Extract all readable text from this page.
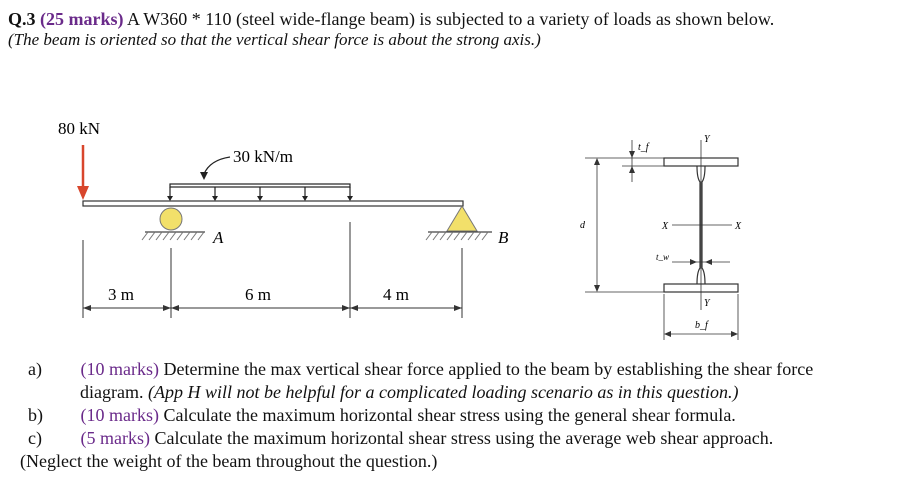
Q.3 (25 marks) A W360 * 110 (steel wide-flange beam) is subjected to a variety of loads as shown below.
(The beam is oriented so that the vertical shear force is about the strong axis.)
80 kN
30 kN/m
A	B
3 m	6 m	4 m
Y
Y
X	X
d
t_f
t_w
b_f
a) (10 marks) Determine the max vertical shear force applied to the beam by establishing the shear force
diagram. (App H will not be helpful for a complicated loading scenario as in this question.)
b) (10 marks) Calculate the maximum horizontal shear stress using the general shear formula.
c) (5 marks) Calculate the maximum horizontal shear stress using the average web shear approach.
(Neglect the weight of the beam throughout the question.)
